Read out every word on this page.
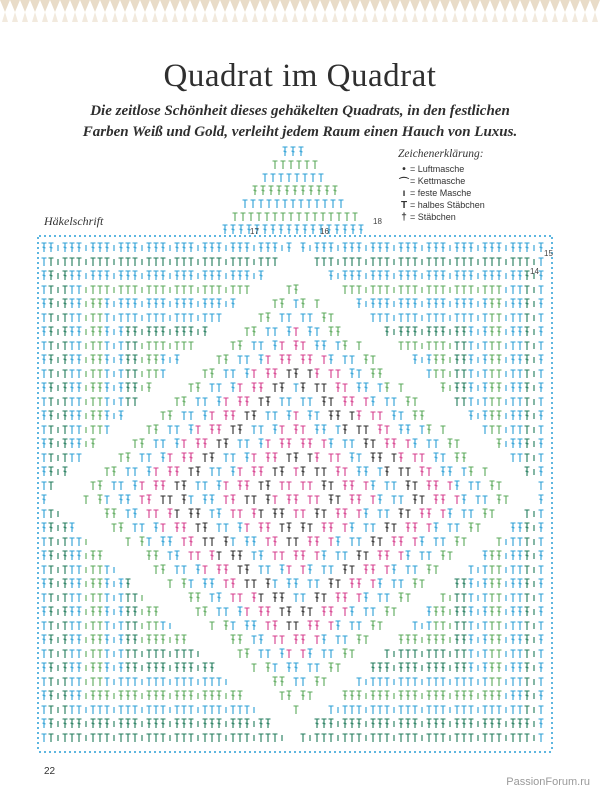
Quadrat im Quadrat
Die zeitlose Schönheit dieses gehäkelten Quadrats, in den festlichen
Farben Weiß und Gold, verleiht jedem Raum einen Hauch von Luxus.
Zeichenerklärung:
• = Luftmasche
⌒ = Kettmasche
ı = feste Masche
T = halbes Stäbchen
† = Stäbchen
Häkelschrift
15
14
16
17
18
22
PassionForum.ru
